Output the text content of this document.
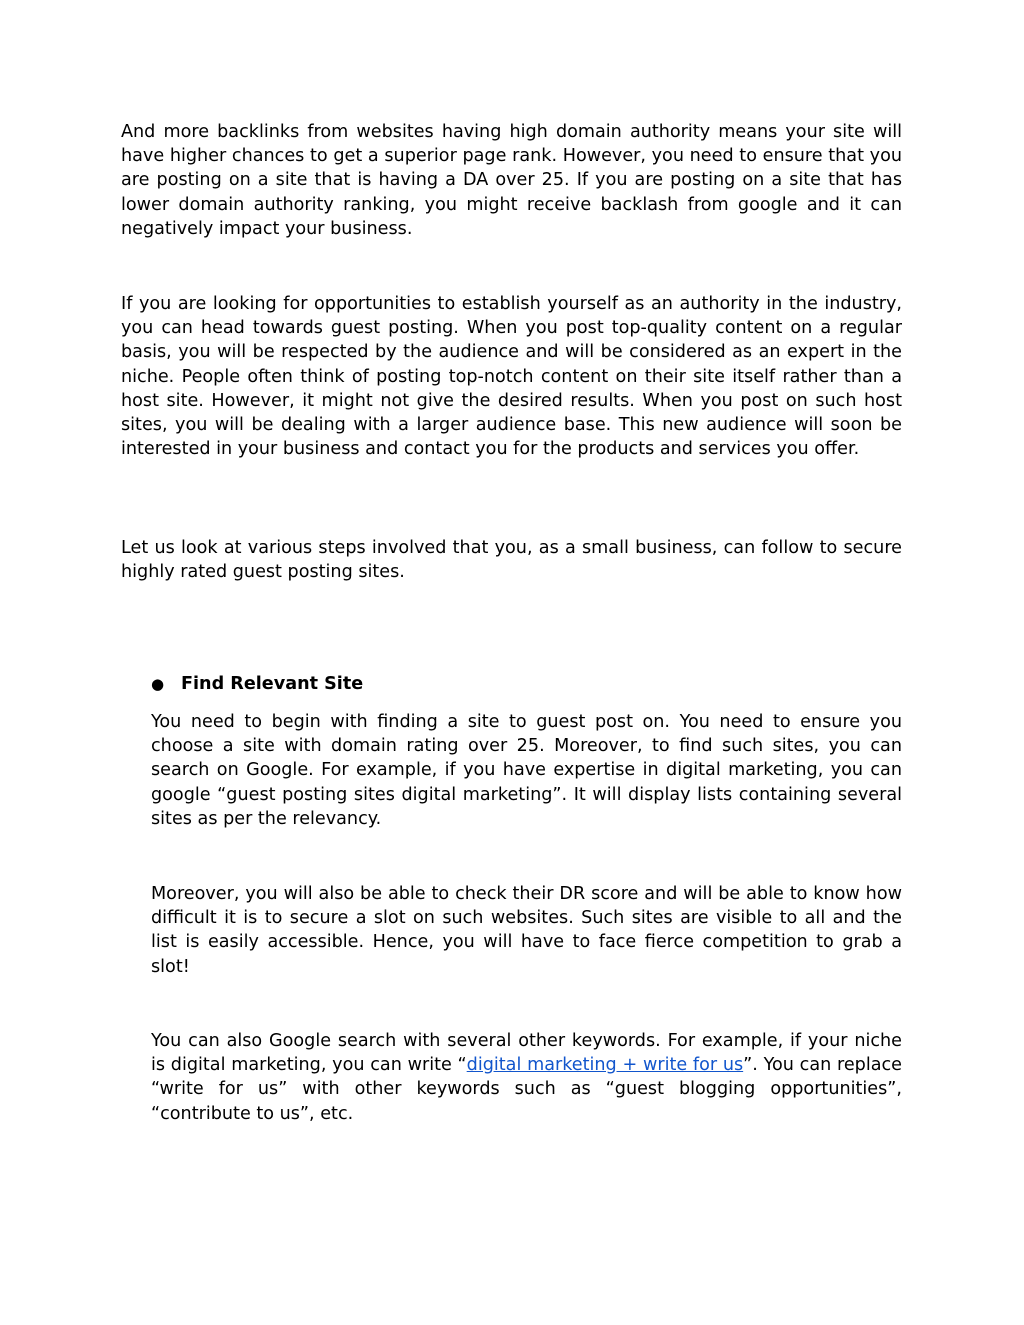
And more backlinks from websites having high domain authority means your site will have higher chances to get a superior page rank. However, you need to ensure that you are posting on a site that is having a DA over 25. If you are posting on a site that has lower domain authority ranking, you might receive backlash from google and it can negatively impact your business.

If you are looking for opportunities to establish yourself as an authority in the industry, you can head towards guest posting. When you post top-quality content on a regular basis, you will be respected by the audience and will be considered as an expert in the niche. People often think of posting top-notch content on their site itself rather than a host site. However, it might not give the desired results. When you post on such host sites, you will be dealing with a larger audience base. This new audience will soon be interested in your business and contact you for the products and services you offer.

Let us look at various steps involved that you, as a small business, can follow to secure highly rated guest posting sites.

● Find Relevant Site

You need to begin with finding a site to guest post on. You need to ensure you choose a site with domain rating over 25. Moreover, to find such sites, you can search on Google. For example, if you have expertise in digital marketing, you can google “guest posting sites digital marketing”. It will display lists containing several sites as per the relevancy.

Moreover, you will also be able to check their DR score and will be able to know how difficult it is to secure a slot on such websites. Such sites are visible to all and the list is easily accessible. Hence, you will have to face fierce competition to grab a slot!

You can also Google search with several other keywords. For example, if your niche is digital marketing, you can write “digital marketing + write for us”. You can replace “write for us” with other keywords such as “guest blogging opportunities”, “contribute to us”, etc.
